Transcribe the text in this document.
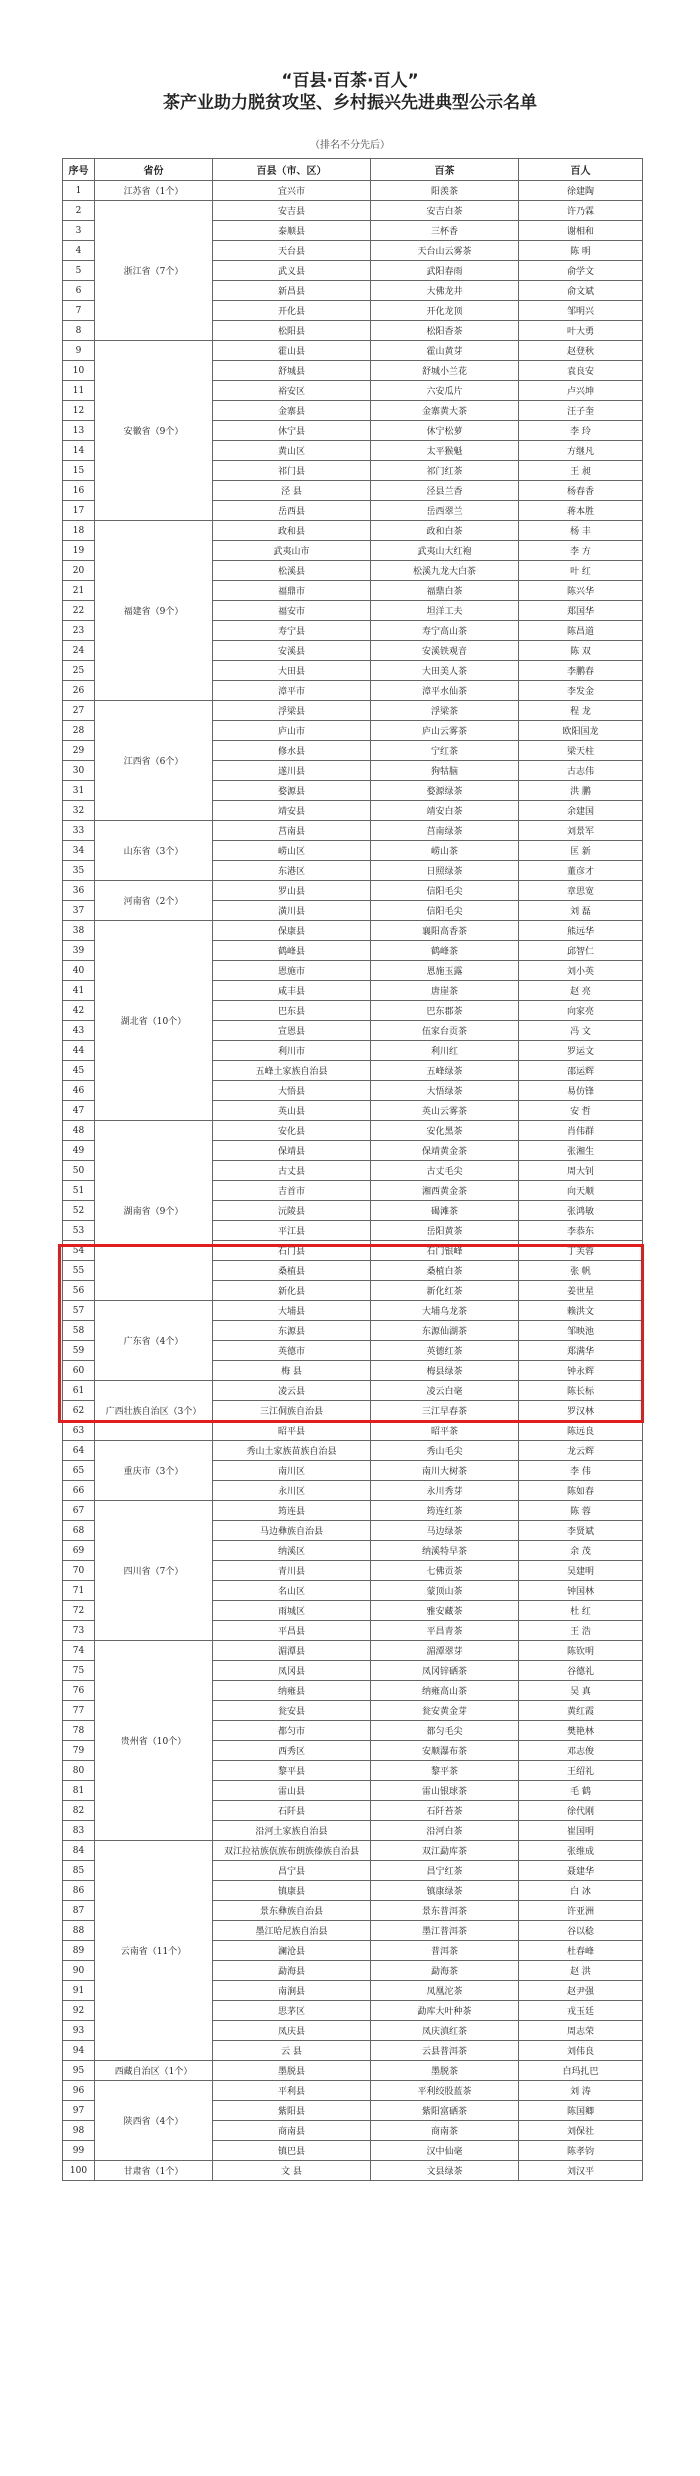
“百县·百茶·百人”
茶产业助力脱贫攻坚、乡村振兴先进典型公示名单
（排名不分先后）
序号	省份	百县（市、区）	百茶	百人
1	江苏省（1个）	宜兴市	阳羡茶	徐建陶
2	浙江省（7个）	安吉县	安吉白茶	许乃霖
3		泰顺县	三杯香	谢相和
4		天台县	天台山云雾茶	陈 明
5		武义县	武阳春雨	俞学文
6		新昌县	大佛龙井	俞文斌
7		开化县	开化龙顶	邹明兴
8		松阳县	松阳香茶	叶大勇
9	安徽省（9个）	霍山县	霍山黄芽	赵登秋
10		舒城县	舒城小兰花	袁良安
11		裕安区	六安瓜片	卢兴坤
12		金寨县	金寨黄大茶	汪子奎
13		休宁县	休宁松萝	李 玲
14		黄山区	太平猴魁	方继凡
15		祁门县	祁门红茶	王 昶
16		泾 县	泾县兰香	杨春香
17		岳西县	岳西翠兰	蒋本胜
18	福建省（9个）	政和县	政和白茶	杨 丰
19		武夷山市	武夷山大红袍	李 方
20		松溪县	松溪九龙大白茶	叶 红
21		福鼎市	福鼎白茶	陈兴华
22		福安市	坦洋工夫	郑国华
23		寿宁县	寿宁高山茶	陈昌道
24		安溪县	安溪铁观音	陈 双
25		大田县	大田美人茶	李鹏春
26		漳平市	漳平水仙茶	李发金
27	江西省（6个）	浮梁县	浮梁茶	程 龙
28		庐山市	庐山云雾茶	欧阳国龙
29		修水县	宁红茶	梁天柱
30		遂川县	狗牯脑	古志伟
31		婺源县	婺源绿茶	洪 鹏
32		靖安县	靖安白茶	余建国
33	山东省（3个）	莒南县	莒南绿茶	刘景军
34		崂山区	崂山茶	匡 新
35		东港区	日照绿茶	董彦才
36	河南省（2个）	罗山县	信阳毛尖	章思宽
37		潢川县	信阳毛尖	刘 磊
38	湖北省（10个）	保康县	襄阳高香茶	熊远华
39		鹤峰县	鹤峰茶	邱智仁
40		恩施市	恩施玉露	刘小英
41		咸丰县	唐崖茶	赵 亮
42		巴东县	巴东郡茶	向家亮
43		宣恩县	伍家台贡茶	冯 文
44		利川市	利川红	罗运文
45		五峰土家族自治县	五峰绿茶	邵运辉
46		大悟县	大悟绿茶	易仿锋
47		英山县	英山云雾茶	安 哲
48	湖南省（9个）	安化县	安化黑茶	肖伟群
49		保靖县	保靖黄金茶	张湘生
50		古丈县	古丈毛尖	周大钊
51		吉首市	湘西黄金茶	向天顺
52		沅陵县	碣滩茶	张鸿敏
53		平江县	岳阳黄茶	李恭东
54		石门县	石门银峰	丁芙蓉
55		桑植县	桑植白茶	张 帆
56		新化县	新化红茶	姜世星
57	广东省（4个）	大埔县	大埔乌龙茶	赖洪文
58		东源县	东源仙湖茶	邹映池
59		英德市	英德红茶	郑满华
60		梅 县	梅县绿茶	钟永辉
61	广西壮族自治区（3个）	凌云县	凌云白毫	陈长标
62		三江侗族自治县	三江早春茶	罗汉林
63		昭平县	昭平茶	陈远良
64	重庆市（3个）	秀山土家族苗族自治县	秀山毛尖	龙云辉
65		南川区	南川大树茶	李 伟
66		永川区	永川秀芽	陈如春
67	四川省（7个）	筠连县	筠连红茶	陈 蓉
68		马边彝族自治县	马边绿茶	李贤斌
69		纳溪区	纳溪特早茶	余 茂
70		青川县	七佛贡茶	吴建明
71		名山区	蒙顶山茶	钟国林
72		雨城区	雅安藏茶	杜 红
73		平昌县	平昌青茶	王 浩
74	贵州省（10个）	湄潭县	湄潭翠芽	陈钦明
75		凤冈县	凤冈锌硒茶	谷德礼
76		纳雍县	纳雍高山茶	吴 真
77		瓮安县	瓮安黄金芽	黄红霞
78		都匀市	都匀毛尖	樊艳林
79		西秀区	安顺瀑布茶	邓志俊
80		黎平县	黎平茶	王绍礼
81		雷山县	雷山银球茶	毛 鹤
82		石阡县	石阡苔茶	徐代刚
83		沿河土家族自治县	沿河白茶	崔国明
84	云南省（11个）	双江拉祜族佤族布朗族傣族自治县	双江勐库茶	张维成
85		昌宁县	昌宁红茶	聂建华
86		镇康县	镇康绿茶	白 冰
87		景东彝族自治县	景东普洱茶	许亚洲
88		墨江哈尼族自治县	墨江普洱茶	谷以稔
89		澜沧县	普洱茶	杜春峰
90		勐海县	勐海茶	赵 洪
91		南涧县	凤凰沱茶	赵尹强
92		思茅区	勐库大叶种茶	戎玉廷
93		凤庆县	凤庆滇红茶	周志荣
94		云 县	云县普洱茶	刘伟良
95	西藏自治区（1个）	墨脱县	墨脱茶	白玛扎巴
96	陕西省（4个）	平利县	平利绞股蓝茶	刘 涛
97		紫阳县	紫阳富硒茶	陈国卿
98		商南县	商南茶	刘保社
99		镇巴县	汉中仙毫	陈孝钧
100	甘肃省（1个）	文 县	文县绿茶	刘汉平
